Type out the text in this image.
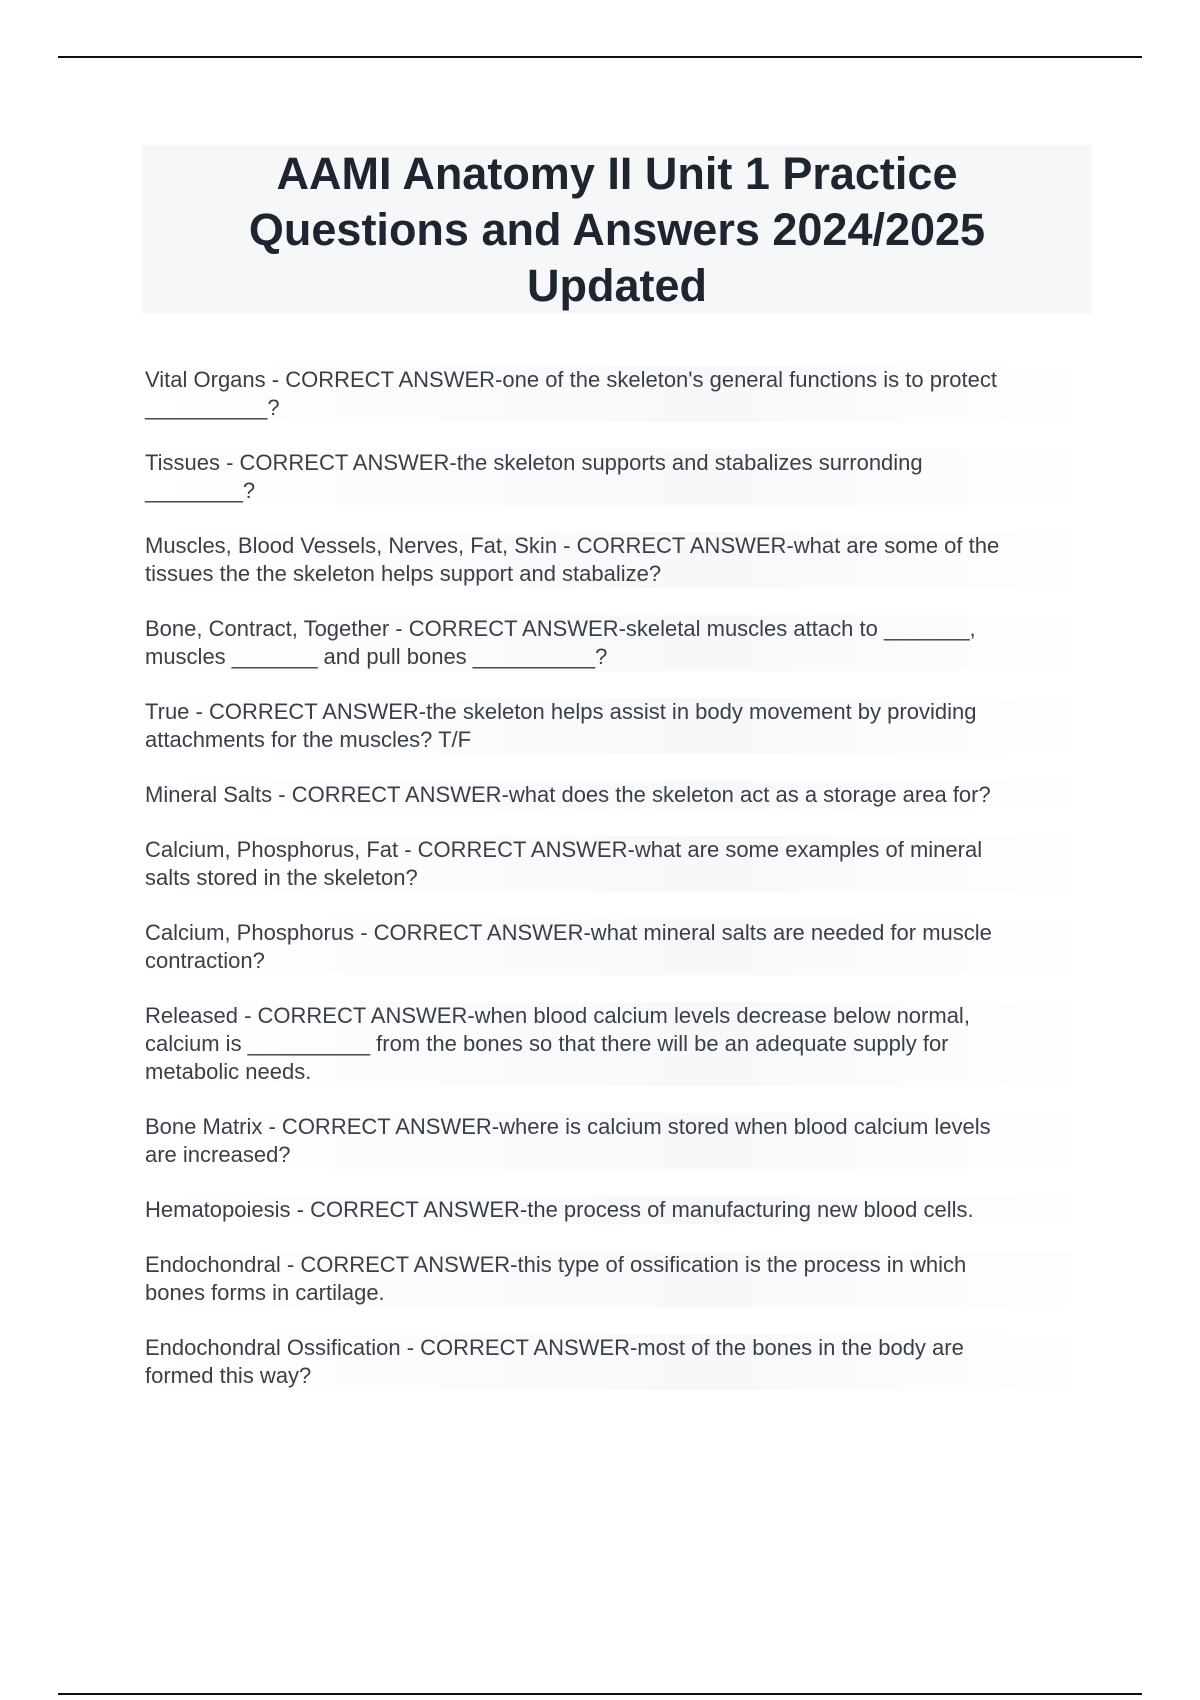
AAMI Anatomy II Unit 1 Practice Questions and Answers 2024/2025 Updated

Vital Organs - CORRECT ANSWER-one of the skeleton's general functions is to protect
__________?

Tissues - CORRECT ANSWER-the skeleton supports and stabalizes surronding
________?

Muscles, Blood Vessels, Nerves, Fat, Skin - CORRECT ANSWER-what are some of the
tissues the the skeleton helps support and stabalize?

Bone, Contract, Together - CORRECT ANSWER-skeletal muscles attach to _______,
muscles _______ and pull bones __________?

True - CORRECT ANSWER-the skeleton helps assist in body movement by providing
attachments for the muscles? T/F

Mineral Salts - CORRECT ANSWER-what does the skeleton act as a storage area for?

Calcium, Phosphorus, Fat - CORRECT ANSWER-what are some examples of mineral
salts stored in the skeleton?

Calcium, Phosphorus - CORRECT ANSWER-what mineral salts are needed for muscle
contraction?

Released - CORRECT ANSWER-when blood calcium levels decrease below normal,
calcium is __________ from the bones so that there will be an adequate supply for
metabolic needs.

Bone Matrix - CORRECT ANSWER-where is calcium stored when blood calcium levels
are increased?

Hematopoiesis - CORRECT ANSWER-the process of manufacturing new blood cells.

Endochondral - CORRECT ANSWER-this type of ossification is the process in which
bones forms in cartilage.

Endochondral Ossification - CORRECT ANSWER-most of the bones in the body are
formed this way?
